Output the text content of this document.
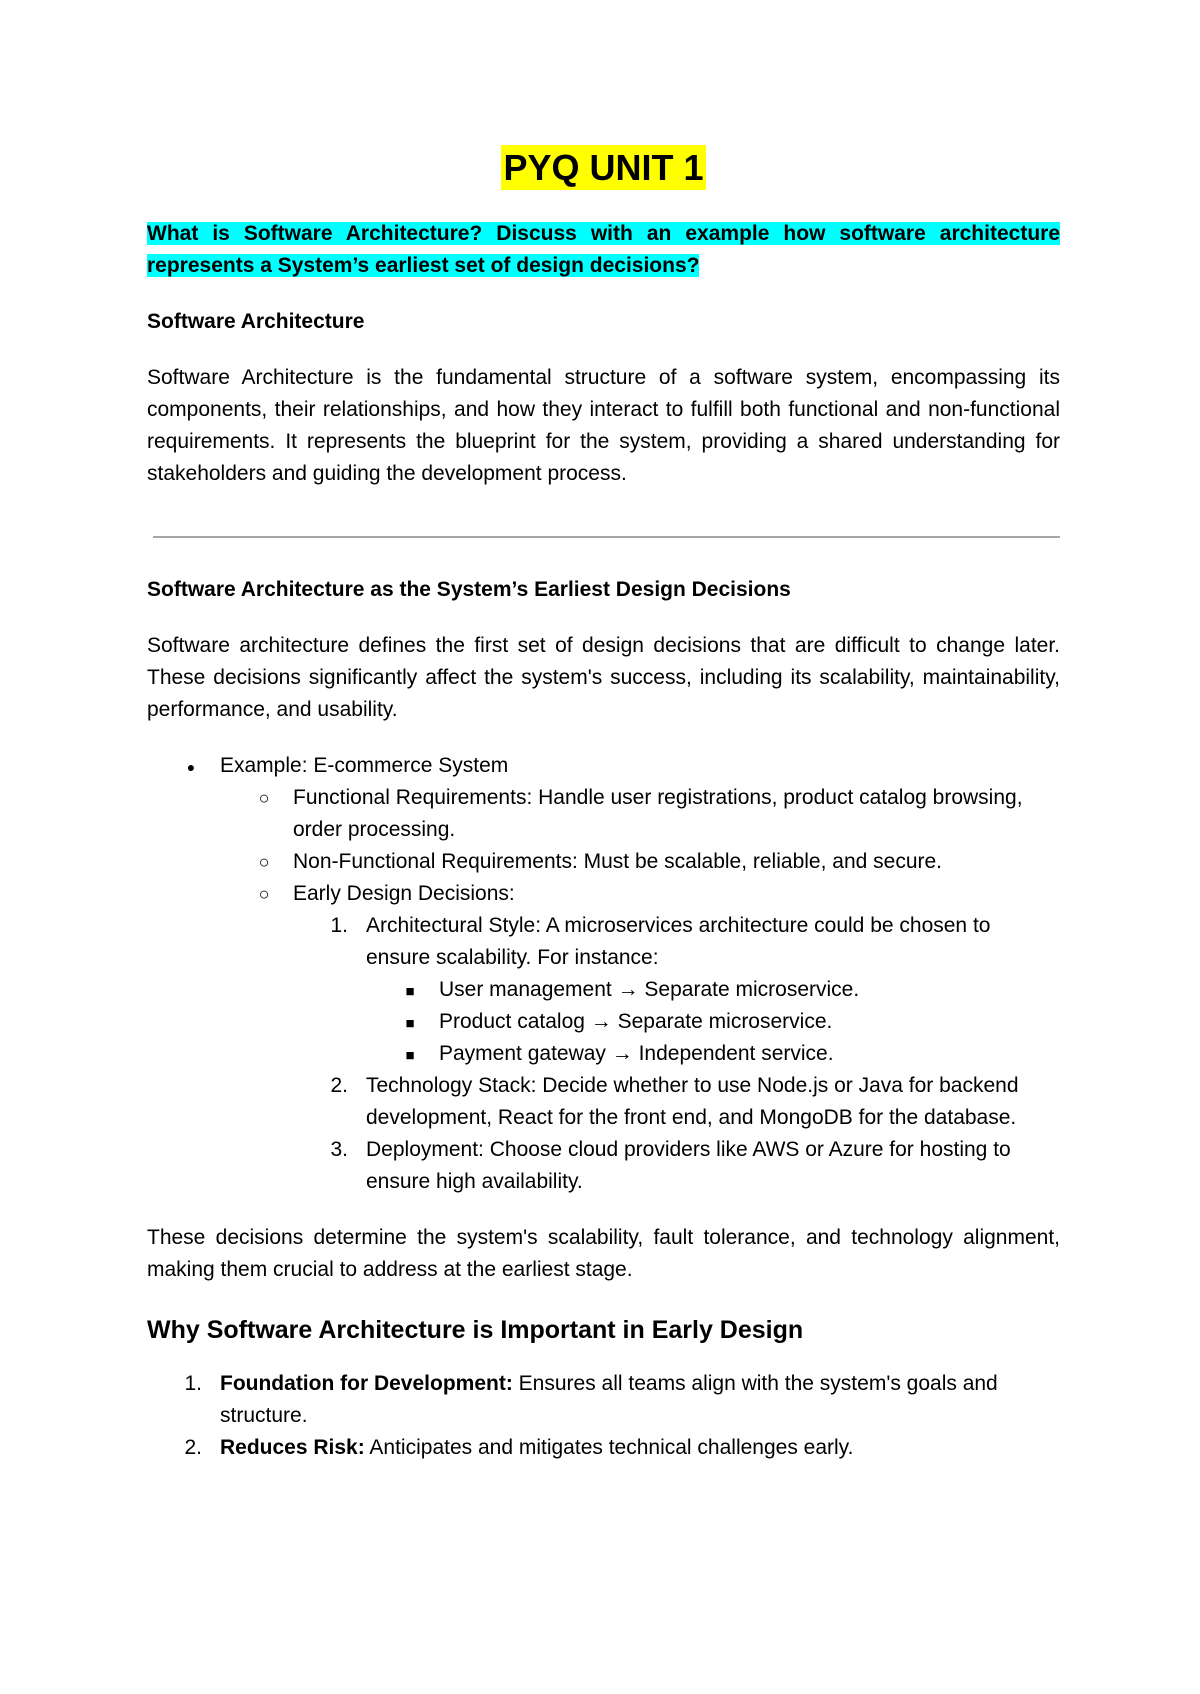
PYQ UNIT 1
What is Software Architecture? Discuss with an example how software architecture represents a System’s earliest set of design decisions?
Software Architecture

Software Architecture is the fundamental structure of a software system, encompassing its components, their relationships, and how they interact to fulfill both functional and non-functional requirements. It represents the blueprint for the system, providing a shared understanding for stakeholders and guiding the development process.

Software Architecture as the System’s Earliest Design Decisions

Software architecture defines the first set of design decisions that are difficult to change later. These decisions significantly affect the system's success, including its scalability, maintainability, performance, and usability.

●
Example: E-commerce System
○
Functional Requirements: Handle user registrations, product catalog browsing, order processing.
○
Non-Functional Requirements: Must be scalable, reliable, and secure.
○
Early Design Decisions:
1. Architectural Style: A microservices architecture could be chosen to ensure scalability. For instance:
■
User management → Separate microservice.
■
Product catalog → Separate microservice.
■
Payment gateway → Independent service.
2. Technology Stack: Decide whether to use Node.js or Java for backend development, React for the front end, and MongoDB for the database.
3. Deployment: Choose cloud providers like AWS or Azure for hosting to ensure high availability.

These decisions determine the system's scalability, fault tolerance, and technology alignment, making them crucial to address at the earliest stage.

Why Software Architecture is Important in Early Design
1. Foundation for Development: Ensures all teams align with the system's goals and structure.
2. Reduces Risk: Anticipates and mitigates technical challenges early.
